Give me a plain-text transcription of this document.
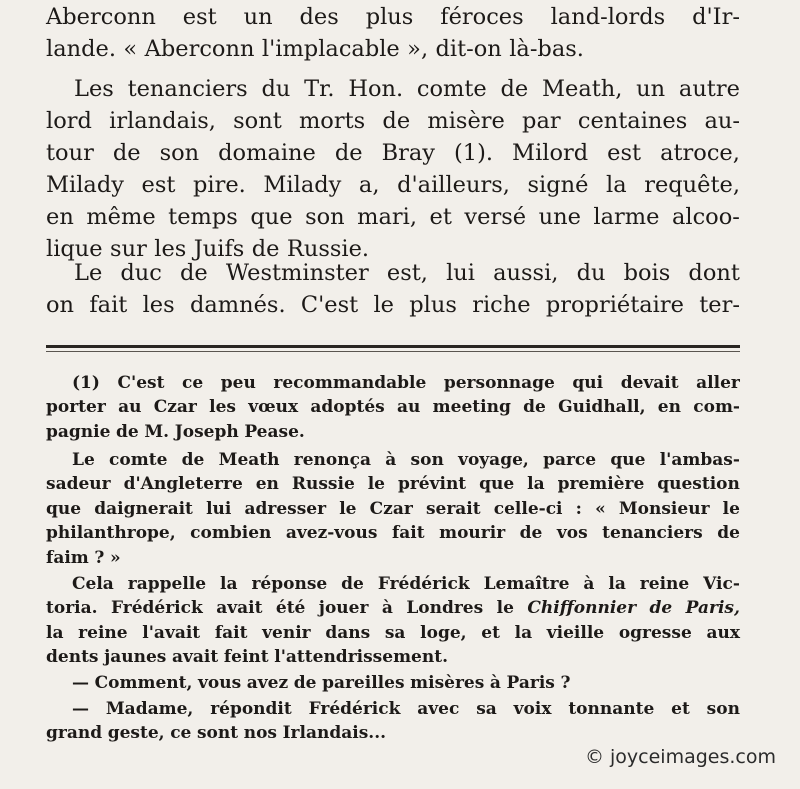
Aberconn est un des plus féroces land-lords d'Ir-
lande. « Aberconn l'implacable », dit-on là-bas.
Les tenanciers du Tr. Hon. comte de Meath, un autre
lord irlandais, sont morts de misère par centaines au-
tour de son domaine de Bray (1). Milord est atroce,
Milady est pire. Milady a, d'ailleurs, signé la requête,
en même temps que son mari, et versé une larme alcoo-
lique sur les Juifs de Russie.
Le duc de Westminster est, lui aussi, du bois dont
on fait les damnés. C'est le plus riche propriétaire ter-
(1) C'est ce peu recommandable personnage qui devait aller
porter au Czar les vœux adoptés au meeting de Guidhall, en com-
pagnie de M. Joseph Pease.
Le comte de Meath renonça à son voyage, parce que l'ambas-
sadeur d'Angleterre en Russie le prévint que la première question
que daignerait lui adresser le Czar serait celle-ci : « Monsieur le
philanthrope, combien avez-vous fait mourir de vos tenanciers de
faim ? »
Cela rappelle la réponse de Frédérick Lemaître à la reine Vic-
toria. Frédérick avait été jouer à Londres le Chiffonnier de Paris,
la reine l'avait fait venir dans sa loge, et la vieille ogresse aux
dents jaunes avait feint l'attendrissement.
— Comment, vous avez de pareilles misères à Paris ?
— Madame, répondit Frédérick avec sa voix tonnante et son
grand geste, ce sont nos Irlandais...
© joyceimages.com
